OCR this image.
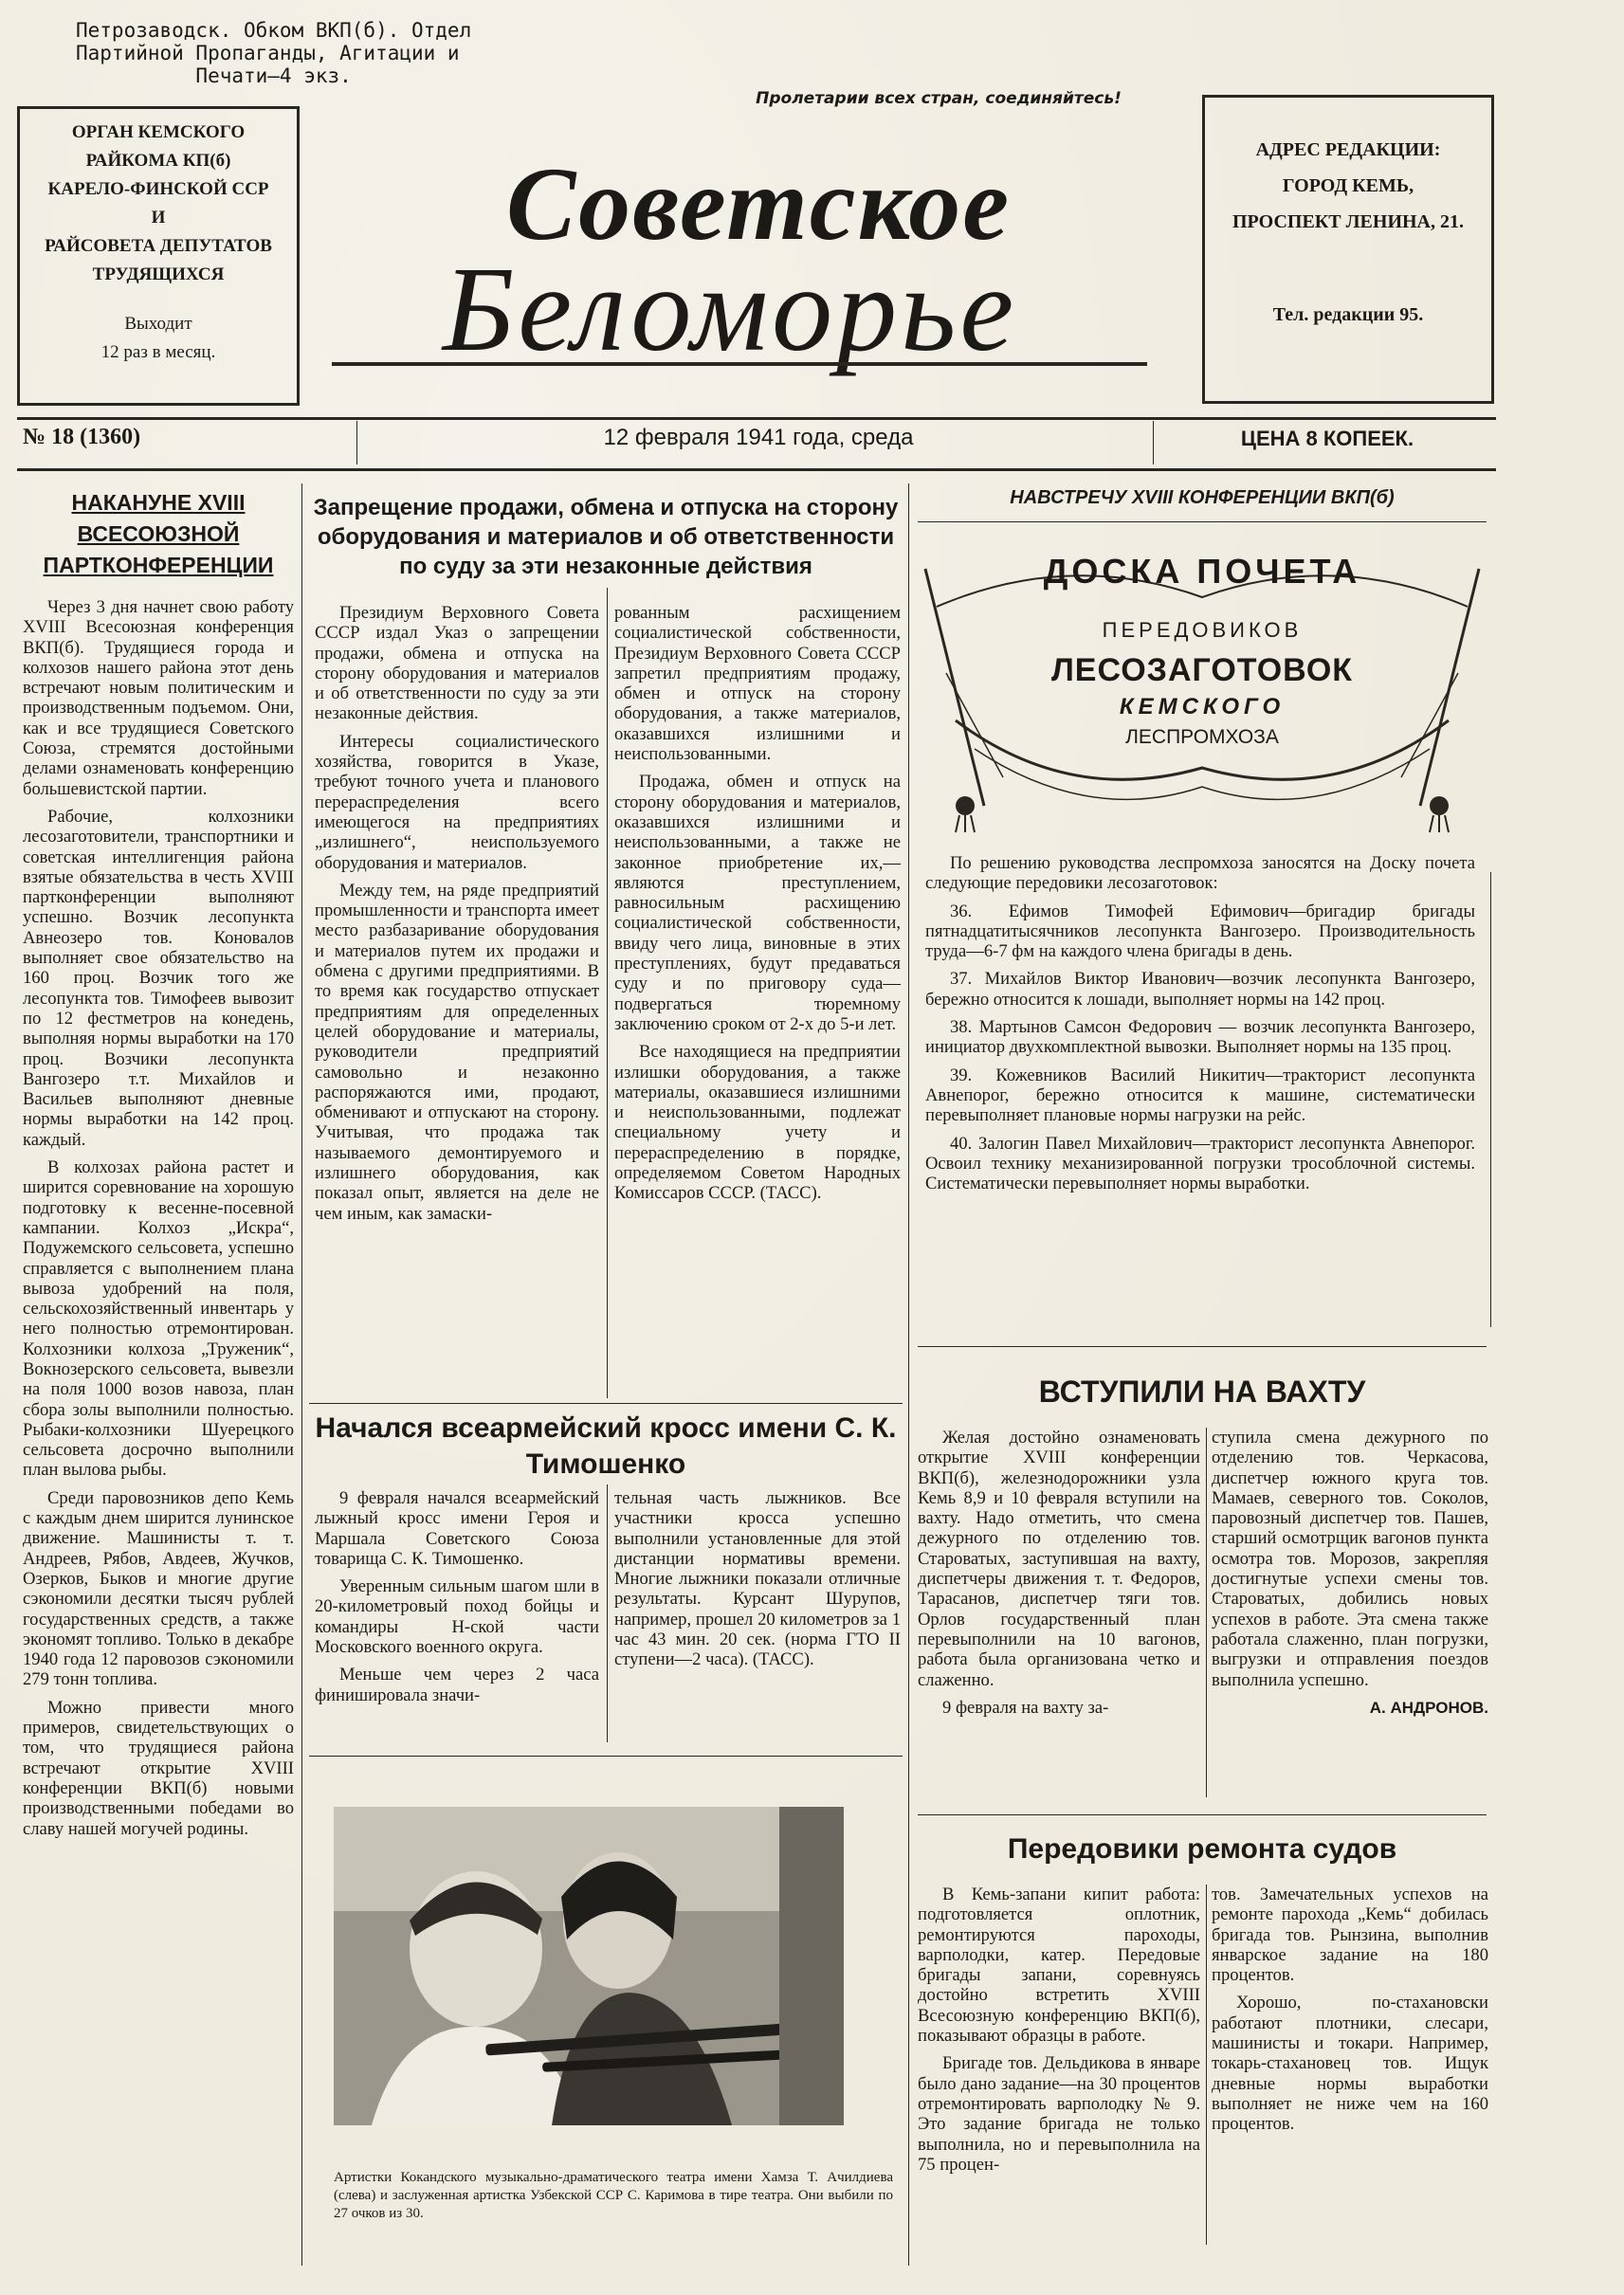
Петрозаводск. Обком ВКП(б). Отдел
Партийной Пропаганды, Агитации и
Печати—4 экз.
Пролетарии всех стран, соединяйтесь!
ОРГАН КЕМСКОГО
РАЙКОМА КП(б)
КАРЕЛО-ФИНСКОЙ ССР
И
РАЙСОВЕТА ДЕПУТАТОВ
ТРУДЯЩИХСЯ
Выходит
12 раз в месяц.
Советское
Беломорье
АДРЕС РЕДАКЦИИ:
ГОРОД КЕМЬ,
ПРОСПЕКТ ЛЕНИНА, 21.
Тел. редакции 95.
№ 18 (1360)	12 февраля 1941 года, среда	ЦЕНА 8 КОПЕЕК.
НАКАНУНЕ XVIII ВСЕСОЮЗНОЙ ПАРТКОНФЕРЕНЦИИ

Через 3 дня начнет свою работу XVIII Всесоюзная конференция ВКП(б). Трудящиеся города и колхозов нашего района этот день встречают новым политическим и производственным подъемом. Они, как и все трудящиеся Советского Союза, стремятся достойными делами ознаменовать конференцию большевистской партии.

Рабочие, колхозники лесозаготовители, транспортники и советская интеллигенция района взятые обязательства в честь XVIII партконференции выполняют успешно. Возчик лесопункта Авнеозеро тов. Коновалов выполняет свое обязательство на 160 проц. Возчик того же лесопункта тов. Тимофеев вывозит по 12 фестметров на конедень, выполняя нормы выработки на 170 проц. Возчики лесопункта Вангозеро т.т. Михайлов и Васильев выполняют дневные нормы выработки на 142 проц. каждый.

В колхозах района растет и ширится соревнование на хорошую подготовку к весенне-посевной кампании. Колхоз „Искра“, Подужемского сельсовета, успешно справляется с выполнением плана вывоза удобрений на поля, сельскохозяйственный инвентарь у него полностью отремонтирован. Колхозники колхоза „Труженик“, Вокнозерского сельсовета, вывезли на поля 1000 возов навоза, план сбора золы выполнили полностью. Рыбаки-колхозники Шуерецкого сельсовета досрочно выполнили план вылова рыбы.

Среди паровозников депо Кемь с каждым днем ширится лунинское движение. Машинисты т. т. Андреев, Рябов, Авдеев, Жучков, Озерков, Быков и многие другие сэкономили десятки тысяч рублей государственных средств, а также экономят топливо. Только в декабре 1940 года 12 паровозов сэкономили 279 тонн топлива.

Можно привести много примеров, свидетельствующих о том, что трудящиеся района встречают открытие XVIII конференции ВКП(б) новыми производственными победами во славу нашей могучей родины.

Запрещение продажи, обмена и отпуска на сторону оборудования и материалов и об ответственности по суду за эти незаконные действия

Президиум Верховного Совета СССР издал Указ о запрещении продажи, обмена и отпуска на сторону оборудования и материалов и об ответственности по суду за эти незаконные действия.

Интересы социалистического хозяйства, говорится в Указе, требуют точного учета и планового перераспределения всего имеющегося на предприятиях „излишнего“, неиспользуемого оборудования и материалов.

Между тем, на ряде предприятий промышленности и транспорта имеет место разбазаривание оборудования и материалов путем их продажи и обмена с другими предприятиями. В то время как государство отпускает предприятиям для определенных целей оборудование и материалы, руководители предприятий самовольно и незаконно распоряжаются ими, продают, обменивают и отпускают на сторону. Учитывая, что продажа так называемого демонтируемого и излишнего оборудования, как показал опыт, является на деле не чем иным, как замаски-

рованным расхищением социалистической собственности, Президиум Верховного Совета СССР запретил предприятиям продажу, обмен и отпуск на сторону оборудования, а также материалов, оказавшихся излишними и неиспользованными.

Продажа, обмен и отпуск на сторону оборудования и материалов, оказавшихся излишними и неиспользованными, а также не законное приобретение их,—являются преступлением, равносильным расхищению социалистической собственности, ввиду чего лица, виновные в этих преступлениях, будут предаваться суду и по приговору суда—подвергаться тюремному заключению сроком от 2-х до 5-и лет.

Все находящиеся на предприятии излишки оборудования, а также материалы, оказавшиеся излишними и неиспользованными, подлежат специальному учету и перераспределению в порядке, определяемом Советом Народных Комиссаров СССР. (ТАСС).

Начался всеармейский кросс имени С. К. Тимошенко

9 февраля начался всеармейский лыжный кросс имени Героя и Маршала Советского Союза товарища С. К. Тимошенко.

Уверенным сильным шагом шли в 20-километровый поход бойцы и командиры Н-ской части Московского военного округа.

Меньше чем через 2 часа финишировала значи-

тельная часть лыжников. Все участники кросса успешно выполнили установленные для этой дистанции нормативы времени. Многие лыжники показали отличные результаты. Курсант Шурупов, например, прошел 20 километров за 1 час 43 мин. 20 сек. (норма ГТО II ступени—2 часа). (ТАСС).

Артистки Кокандского музыкально-драматического театра имени Хамза Т. Ачилдиева (слева) и заслуженная артистка Узбекской ССР С. Каримова в тире театра. Они выбили по 27 очков из 30.
НАВСТРЕЧУ XVIII КОНФЕРЕНЦИИ ВКП(б)
ДОСКА ПОЧЕТА
ПЕРЕДОВИКОВ
ЛЕСОЗАГОТОВОК
КЕМСКОГО
ЛЕСПРОМХОЗА

По решению руководства леспромхоза заносятся на Доску почета следующие передовики лесозаготовок:

36. Ефимов Тимофей Ефимович—бригадир бригады пятнадцатитысячников лесопункта Вангозеро. Производительность труда—6-7 фм на каждого члена бригады в день.

37. Михайлов Виктор Иванович—возчик лесопункта Вангозеро, бережно относится к лошади, выполняет нормы на 142 проц.

38. Мартынов Самсон Федорович — возчик лесопункта Вангозеро, инициатор двухкомплектной вывозки. Выполняет нормы на 135 проц.

39. Кожевников Василий Никитич—тракторист лесопункта Авнепорог, бережно относится к машине, систематически перевыполняет плановые нормы нагрузки на рейс.

40. Залогин Павел Михайлович—тракторист лесопункта Авнепорог. Освоил технику механизированной погрузки трособлочной системы. Систематически перевыполняет нормы выработки.

ВСТУПИЛИ НА ВАХТУ

Желая достойно ознаменовать открытие XVIII конференции ВКП(б), железнодорожники узла Кемь 8,9 и 10 февраля вступили на вахту. Надо отметить, что смена дежурного по отделению тов. Староватых, заступившая на вахту, диспетчеры движения т. т. Федоров, Тарасанов, диспетчер тяги тов. Орлов государственный план перевыполнили на 10 вагонов, работа была организована четко и слаженно.

9 февраля на вахту за-

ступила смена дежурного по отделению тов. Черкасова, диспетчер южного круга тов. Мамаев, северного тов. Соколов, паровозный диспетчер тов. Пашев, старший осмотрщик вагонов пункта осмотра тов. Морозов, закрепляя достигнутые успехи смены тов. Староватых, добились новых успехов в работе. Эта смена также работала слаженно, план погрузки, выгрузки и отправления поездов выполнила успешно.

А. АНДРОНОВ.

Передовики ремонта судов

В Кемь-запани кипит работа: подготовляется оплотник, ремонтируются пароходы, варполодки, катер. Передовые бригады запани, соревнуясь достойно встретить XVIII Всесоюзную конференцию ВКП(б), показывают образцы в работе.

Бригаде тов. Дельдикова в январе было дано задание—на 30 процентов отремонтировать варполодку № 9. Это задание бригада не только выполнила, но и перевыполнила на 75 процен-

тов. Замечательных успехов на ремонте парохода „Кемь“ добилась бригада тов. Рынзина, выполнив январское задание на 180 процентов.

Хорошо, по-стахановски работают плотники, слесари, машинисты и токари. Например, токарь-стахановец тов. Ищук дневные нормы выработки выполняет не ниже чем на 160 процентов.
